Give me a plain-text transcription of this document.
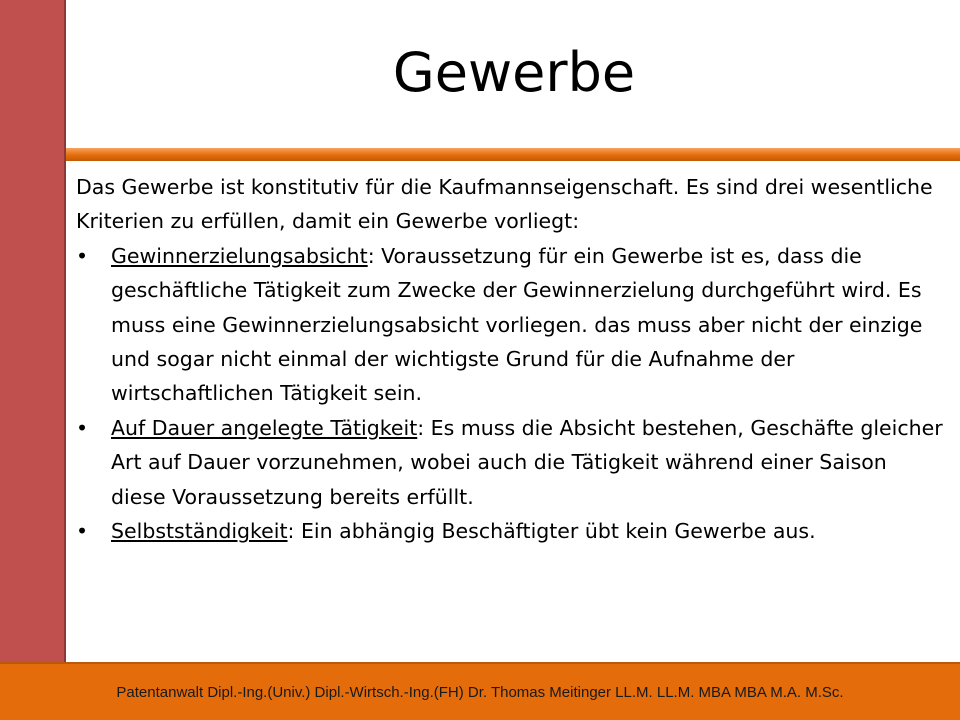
Gewerbe

Das Gewerbe ist konstitutiv für die Kaufmannseigenschaft. Es sind drei wesentliche Kriterien zu erfüllen, damit ein Gewerbe vorliegt:

•	Gewinnerzielungsabsicht: Voraussetzung für ein Gewerbe ist es, dass die geschäftliche Tätigkeit zum Zwecke der Gewinnerzielung durchgeführt wird. Es muss eine Gewinnerzielungsabsicht vorliegen. das muss aber nicht der einzige und sogar nicht einmal der wichtigste Grund für die Aufnahme der wirtschaftlichen Tätigkeit sein.
•	Auf Dauer angelegte Tätigkeit: Es muss die Absicht bestehen, Geschäfte gleicher Art auf Dauer vorzunehmen, wobei auch die Tätigkeit während einer Saison diese Voraussetzung bereits erfüllt.
•	Selbstständigkeit: Ein abhängig Beschäftigter übt kein Gewerbe aus.
Patentanwalt Dipl.-Ing.(Univ.) Dipl.-Wirtsch.-Ing.(FH) Dr. Thomas Meitinger LL.M. LL.M. MBA MBA M.A. M.Sc.
